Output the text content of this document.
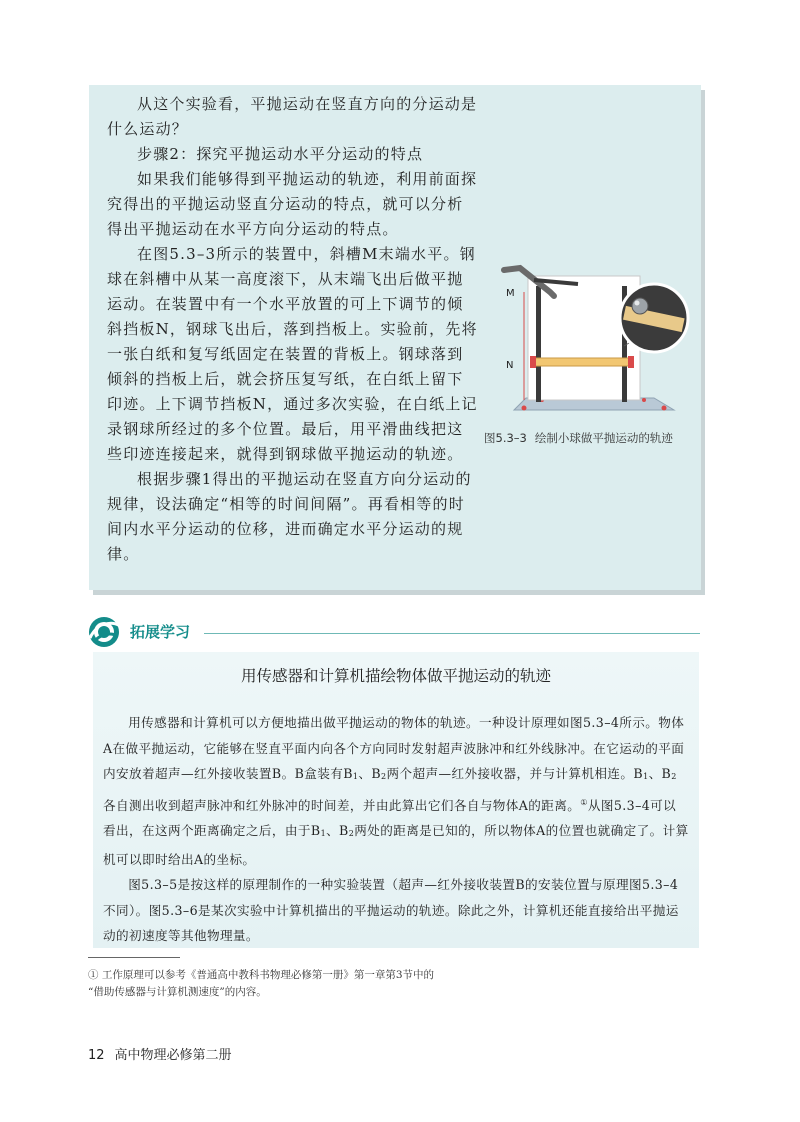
从这个实验看，平抛运动在竖直方向的分运动是什么运动？

步骤2：探究平抛运动水平分运动的特点

如果我们能够得到平抛运动的轨迹，利用前面探究得出的平抛运动竖直分运动的特点，就可以分析得出平抛运动在水平方向分运动的特点。

在图5.3–3所示的装置中，斜槽M末端水平。钢球在斜槽中从某一高度滚下，从末端飞出后做平抛运动。在装置中有一个水平放置的可上下调节的倾斜挡板N，钢球飞出后，落到挡板上。实验前，先将一张白纸和复写纸固定在装置的背板上。钢球落到倾斜的挡板上后，就会挤压复写纸，在白纸上留下印迹。上下调节挡板N，通过多次实验，在白纸上记录钢球所经过的多个位置。最后，用平滑曲线把这些印迹连接起来，就得到钢球做平抛运动的轨迹。

根据步骤1得出的平抛运动在竖直方向分运动的规律，设法确定“相等的时间间隔”。再看相等的时间内水平分运动的位移，进而确定水平分运动的规律。

M
N
图5.3–3 绘制小球做平抛运动的轨迹
拓展学习
用传感器和计算机描绘物体做平抛运动的轨迹

用传感器和计算机可以方便地描出做平抛运动的物体的轨迹。一种设计原理如图5.3–4所示。物体A在做平抛运动，它能够在竖直平面内向各个方向同时发射超声波脉冲和红外线脉冲。在它运动的平面内安放着超声—红外接收装置B。B盒装有$B_1$、$B_2$两个超声—红外接收器，并与计算机相连。$B_1$、$B_2$各自测出收到超声脉冲和红外脉冲的时间差，并由此算出它们各自与物体A的距离。①从图5.3–4可以看出，在这两个距离确定之后，由于$B_1$、$B_2$两处的距离是已知的，所以物体A的位置也就确定了。计算机可以即时给出A的坐标。

图5.3–5是按这样的原理制作的一种实验装置（超声—红外接收装置B的安装位置与原理图5.3–4不同）。图5.3–6是某次实验中计算机描出的平抛运动的轨迹。除此之外，计算机还能直接给出平抛运动的初速度等其他物理量。

① 工作原理可以参考《普通高中教科书物理必修第一册》第一章第3节中的

“借助传感器与计算机测速度”的内容。

12 高中物理必修第二册
